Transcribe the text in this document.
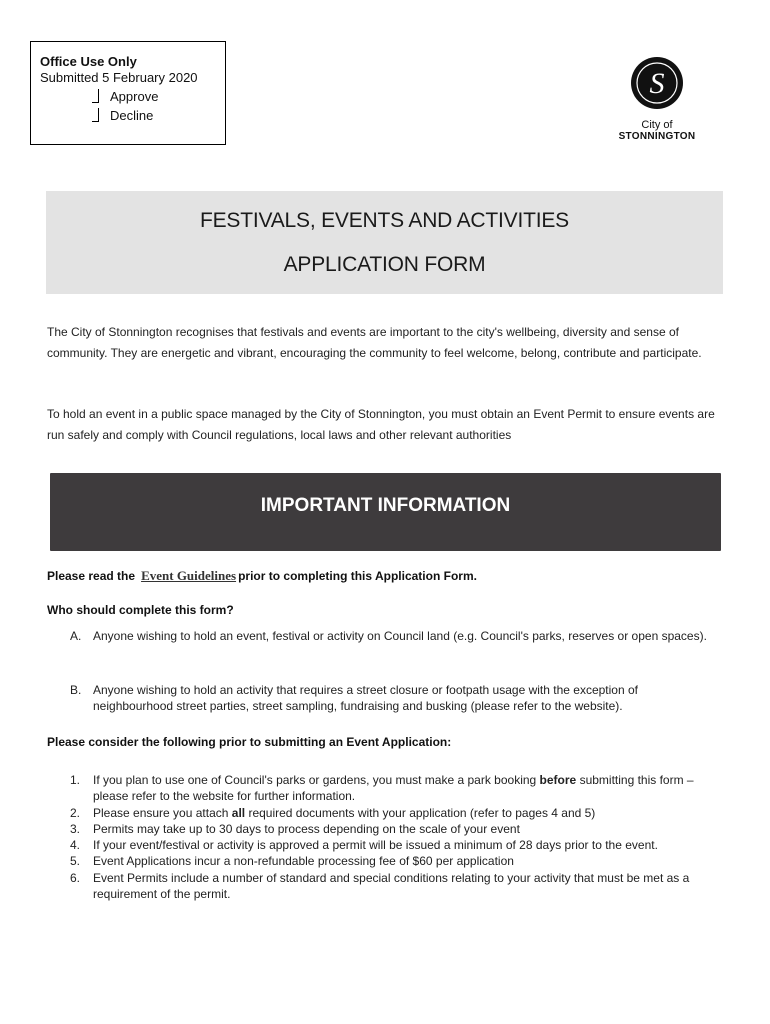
Office Use Only
Submitted 5 February 2020
Approve
Decline
S
City of
STONNINGTON
FESTIVALS, EVENTS AND ACTIVITIES
APPLICATION FORM
The City of Stonnington recognises that festivals and events are important to the city's wellbeing, diversity and sense of community. They are energetic and vibrant, encouraging the community to feel welcome, belong, contribute and participate.
To hold an event in a public space managed by the City of Stonnington, you must obtain an Event Permit to ensure events are run safely and comply with Council regulations, local laws and other relevant authorities
IMPORTANT INFORMATION
Please read the Event Guidelines prior to completing this Application Form.
Who should complete this form?
A. Anyone wishing to hold an event, festival or activity on Council land (e.g. Council's parks, reserves or open spaces).
B. Anyone wishing to hold an activity that requires a street closure or footpath usage with the exception of neighbourhood street parties, street sampling, fundraising and busking (please refer to the website).
Please consider the following prior to submitting an Event Application:
1.	If you plan to use one of Council's parks or gardens, you must make a park booking before submitting this form – please refer to the website for further information.
2.	Please ensure you attach all required documents with your application (refer to pages 4 and 5)
3.	Permits may take up to 30 days to process depending on the scale of your event
4.	If your event/festival or activity is approved a permit will be issued a minimum of 28 days prior to the event.
5.	Event Applications incur a non-refundable processing fee of $60 per application
6.	Event Permits include a number of standard and special conditions relating to your activity that must be met as a requirement of the permit.
